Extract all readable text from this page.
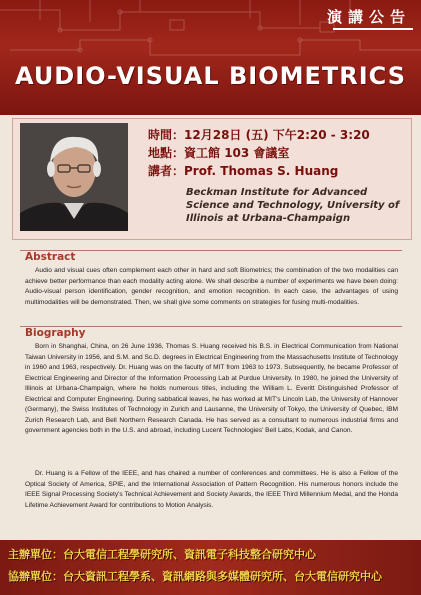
演講公告
AUDIO-VISUAL BIOMETRICS
時間：12月28日 (五) 下午2:20 - 3:20
地點：資工館 103 會議室
講者：Prof. Thomas S. Huang
Beckman Institute for Advanced Science and Technology, University of Illinois at Urbana-Champaign
Abstract
Audio and visual cues often complement each other in hard and soft Biometrics; the combination of the two modalities can achieve better performance than each modality acting alone. We shall describe a number of experiments we have been doing: Audio-visual person identification, gender recognition, and emotion recognition. In each case, the advantages of using multimodalities will be demonstrated. Then, we shall give some comments on strategies for fusing multi-modalities.
Biography
Born in Shanghai, China, on 26 June 1936, Thomas S. Huang received his B.S. in Electrical Communication from National Taiwan University in 1956, and S.M. and Sc.D. degrees in Electrical Engineering from the Massachusetts Institute of Technology in 1960 and 1963, respectively. Dr. Huang was on the faculty of MIT from 1963 to 1973. Subsequently, he became Professor of Electrical Engineering and Director of the Information Processing Lab at Purdue University. In 1980, he joined the University of Illinois at Urbana-Champaign, where he holds numerous titles, including the William L. Everitt Distinguished Professor of Electrical and Computer Engineering. During sabbatical leaves, he has worked at MIT's Lincoln Lab, the University of Hannover (Germany), the Swiss Institutes of Technology in Zurich and Lausanne, the University of Tokyo, the University of Quebec, IBM Zurich Research Lab, and Bell Northern Research Canada. He has served as a consultant to numerous industrial firms and government agencies both in the U.S. and abroad, including Lucent Technologies' Bell Labs, Kodak, and Canon.
Dr. Huang is a Fellow of the IEEE, and has chaired a number of conferences and committees. He is also a Fellow of the Optical Society of America, SPIE, and the International Association of Pattern Recognition. His numerous honors include the IEEE Signal Processing Society's Technical Achievement and Society Awards, the IEEE Third Millennium Medal, and the Honda Lifetime Achievement Award for contributions to Motion Analysis.
主辦單位：台大電信工程學研究所、資訊電子科技整合研究中心
協辦單位：台大資訊工程學系、資訊網路與多媒體研究所、台大電信研究中心
